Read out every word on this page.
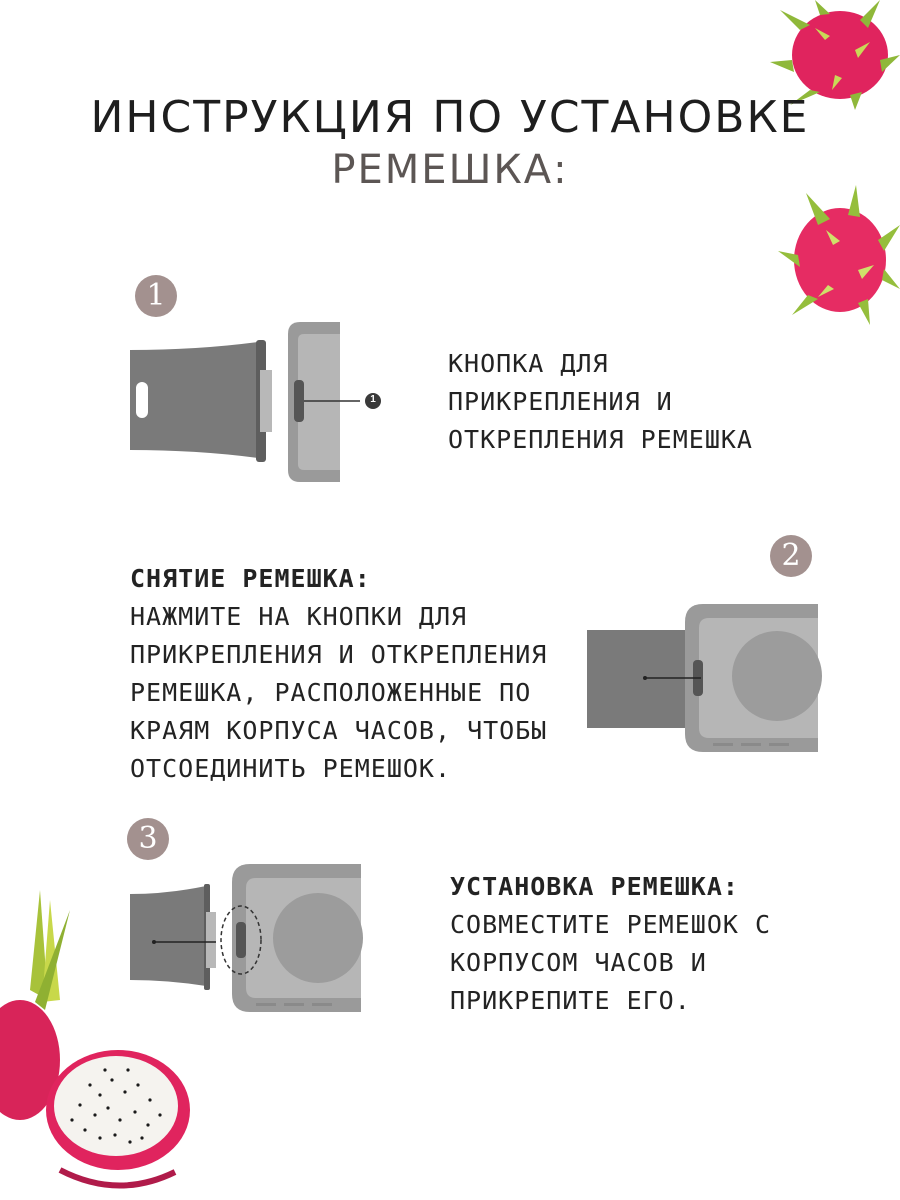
ИНСТРУКЦИЯ ПО УСТАНОВКЕ
РЕМЕШКА:
1
1
КНОПКА ДЛЯ
ПРИКРЕПЛЕНИЯ И
ОТКРЕПЛЕНИЯ РЕМЕШКА
2
СНЯТИЕ РЕМЕШКА:
НАЖМИТЕ НА КНОПКИ ДЛЯ
ПРИКРЕПЛЕНИЯ И ОТКРЕПЛЕНИЯ
РЕМЕШКА, РАСПОЛОЖЕННЫЕ ПО
КРАЯМ КОРПУСА ЧАСОВ, ЧТОБЫ
ОТСОЕДИНИТЬ РЕМЕШОК.
3
УСТАНОВКА РЕМЕШКА:
СОВМЕСТИТЕ РЕМЕШОК С
КОРПУСОМ ЧАСОВ И
ПРИКРЕПИТЕ ЕГО.
